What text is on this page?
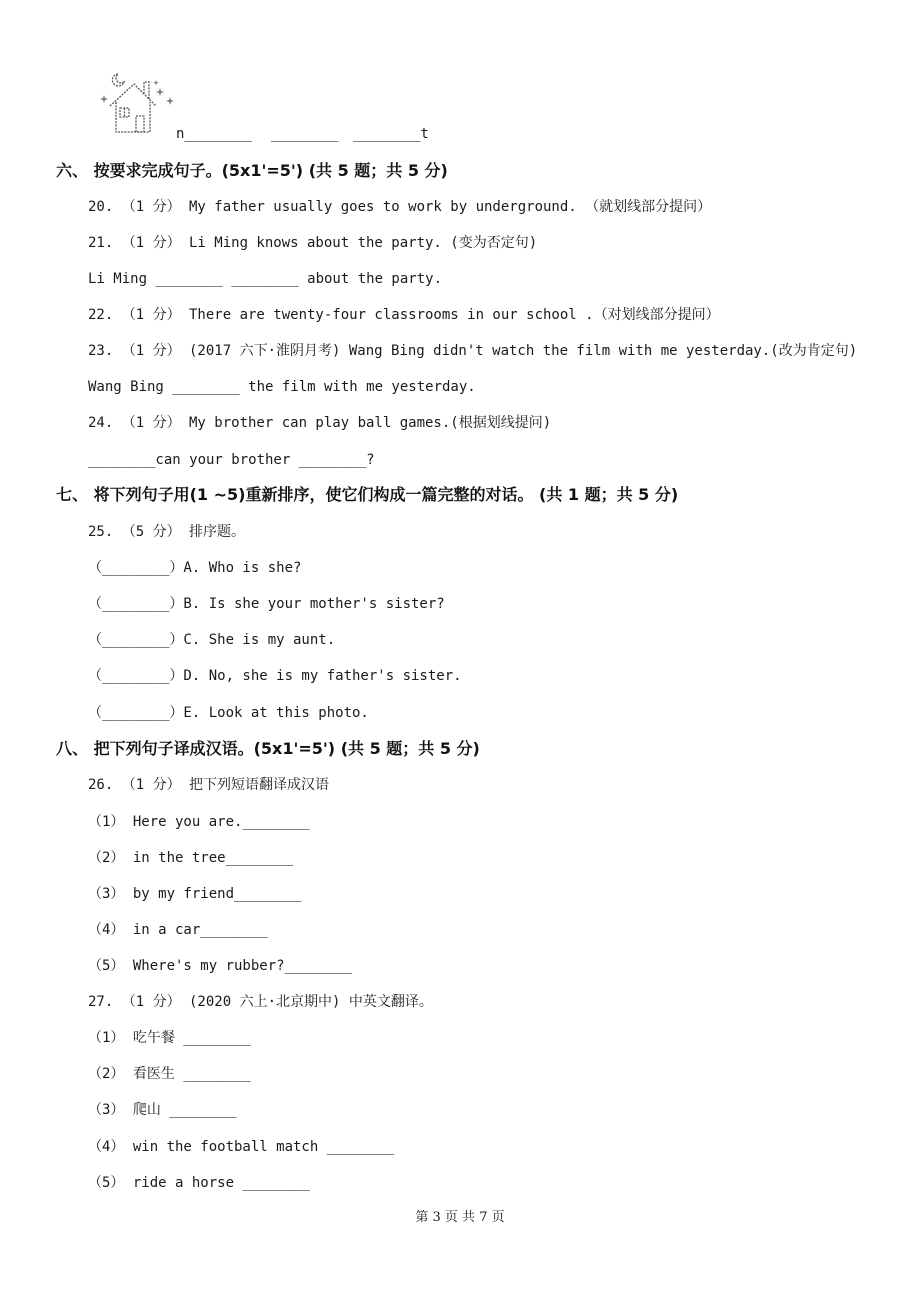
n________ ________ ________t
六、 按要求完成句子。(5x1'=5') (共 5 题；共 5 分)
20. （1 分） My father usually goes to work by underground. （就划线部分提问）
21. （1 分） Li Ming knows about the party. (变为否定句)
Li Ming ________ ________ about the party.
22. （1 分） There are twenty-four classrooms in our school .（对划线部分提问）
23. （1 分） (2017 六下·淮阴月考) Wang Bing didn't watch the film with me yesterday.(改为肯定句)
Wang Bing ________ the film with me yesterday.
24. （1 分） My brother can play ball games.(根据划线提问)
________can your brother ________?
七、 将下列句子用(1 ~5)重新排序，使它们构成一篇完整的对话。 (共 1 题；共 5 分)
25. （5 分） 排序题。
（________）A. Who is she?
（________）B. Is she your mother's sister?
（________）C. She is my aunt.
（________）D. No, she is my father's sister.
（________）E. Look at this photo.
八、 把下列句子译成汉语。(5x1'=5') (共 5 题；共 5 分)
26. （1 分） 把下列短语翻译成汉语
（1） Here you are.________
（2） in the tree________
（3） by my friend________
（4） in a car________
（5） Where's my rubber?________
27. （1 分） (2020 六上·北京期中) 中英文翻译。
（1） 吃午餐 ________
（2） 看医生 ________
（3） 爬山 ________
（4） win the football match ________
（5） ride a horse ________
第 3 页 共 7 页
